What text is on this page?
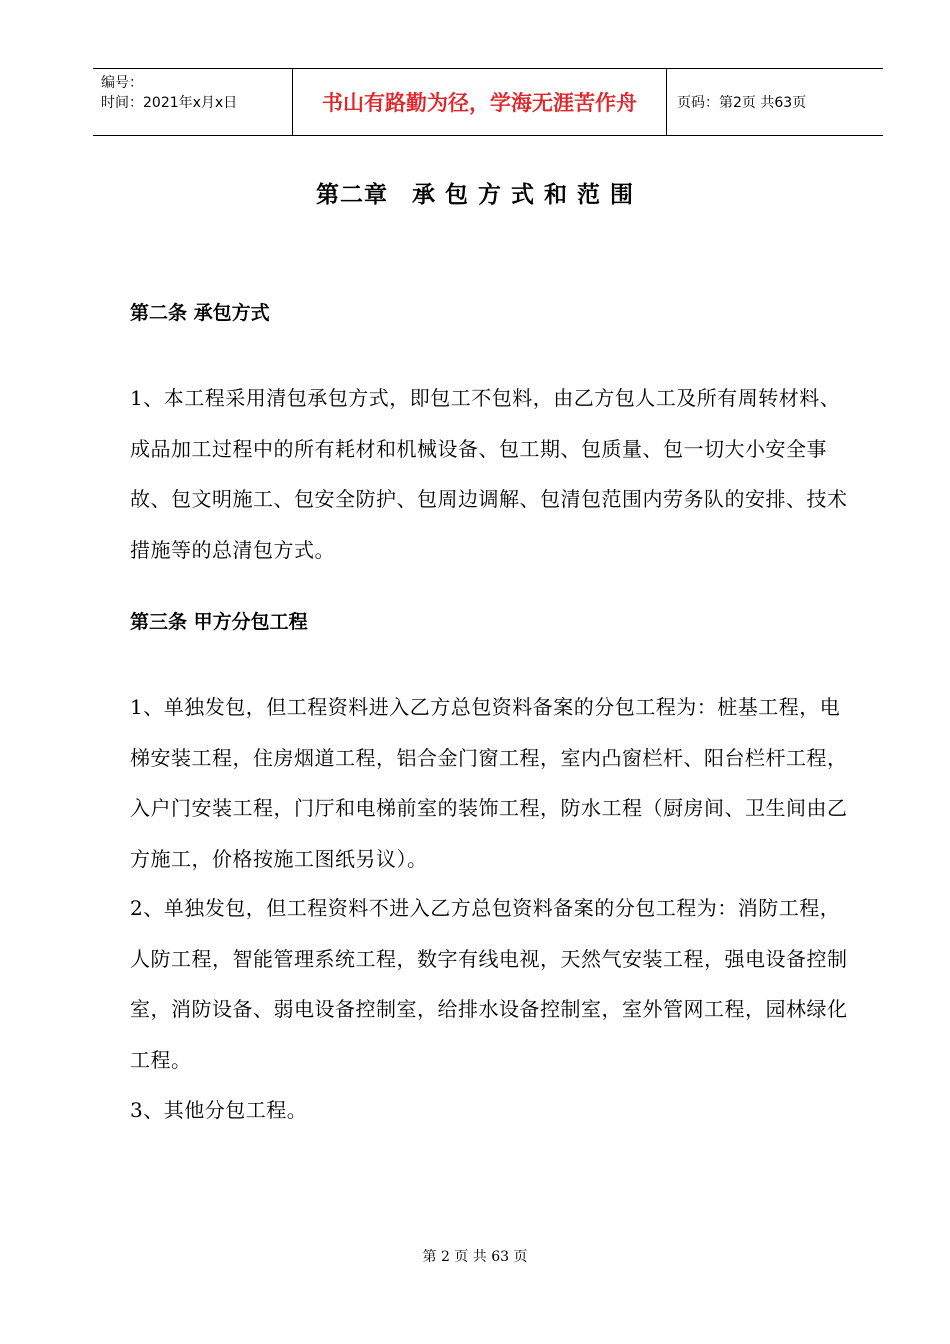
编号：
时间：2021年x月x日	书山有路勤为径，学海无涯苦作舟	页码：第2页 共63页
第二章　承 包 方 式 和 范 围
第二条 承包方式
1、本工程采用清包承包方式，即包工不包料，由乙方包人工及所有周转材料、成品加工过程中的所有耗材和机械设备、包工期、包质量、包一切大小安全事故、包文明施工、包安全防护、包周边调解、包清包范围内劳务队的安排、技术措施等的总清包方式。
第三条 甲方分包工程
1、单独发包，但工程资料进入乙方总包资料备案的分包工程为：桩基工程，电梯安装工程，住房烟道工程，铝合金门窗工程，室内凸窗栏杆、阳台栏杆工程，入户门安装工程，门厅和电梯前室的装饰工程，防水工程（厨房间、卫生间由乙方施工，价格按施工图纸另议）。
2、单独发包，但工程资料不进入乙方总包资料备案的分包工程为：消防工程，人防工程，智能管理系统工程，数字有线电视，天然气安装工程，强电设备控制室，消防设备、弱电设备控制室，给排水设备控制室，室外管网工程，园林绿化工程。
3、其他分包工程。
第 2 页 共 63 页
